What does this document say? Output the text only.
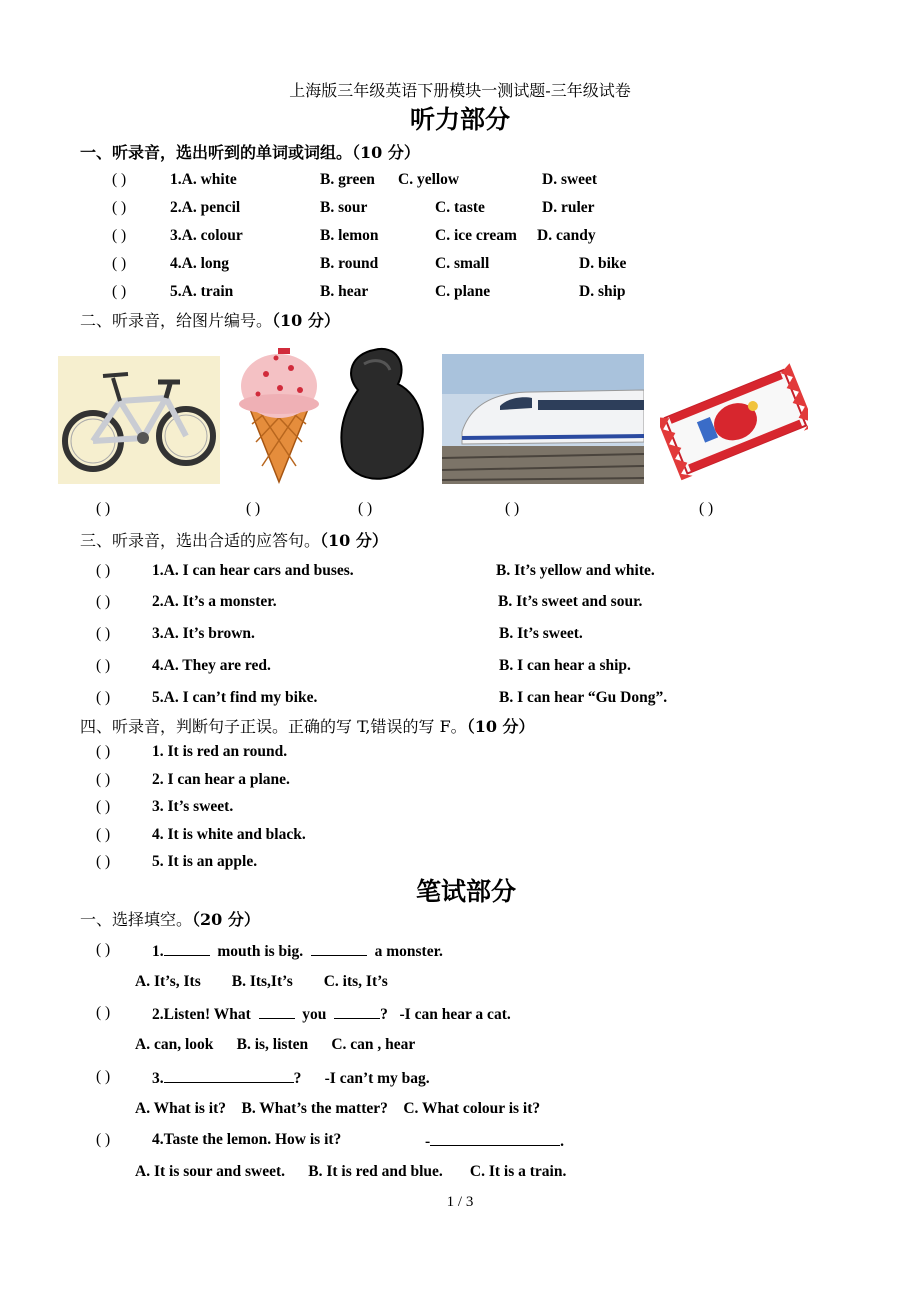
上海版三年级英语下册模块一测试题-三年级试卷
听力部分
一、听录音，选出听到的单词或词组。（10 分）
( )	1.A. white	B. green C. yellow	D. sweet
( )	2.A. pencil	B. sour	C. taste	D. ruler
( )	3.A. colour	B. lemon	C. ice cream D. candy
( )	4.A. long	B. round	C. small	D. bike
( )	5.A. train	B. hear	C. plane	D. ship
二、听录音，给图片编号。（10 分）
( )	( )	( )	( )	( )
三、听录音，选出合适的应答句。（10 分）
( )	1.A. I can hear cars and buses.	B. It’s yellow and white.
( )	2.A. It’s a monster.	B. It’s sweet and sour.
( )	3.A. It’s brown.	B. It’s sweet.
( )	4.A. They are red.	B. I can hear a ship.
( )	5.A. I can’t find my bike.	B. I can hear “Gu Dong”.
四、听录音，判断句子正误。正确的写 T,错误的写 F。（10 分）
( )	1. It is red an round.
( )	2. I can hear a plane.
( )	3. It’s sweet.
( )	4. It is white and black.
( )	5. It is an apple.
笔试部分
一、选择填空。（20 分）
( )	1.	mouth is big.	a monster.
A. It’s, Its        B. Its,It’s        C. its, It’s
( )	2.Listen! What	you	? -I can hear a cat.
A. can, look      B. is, listen      C. can , hear
( )	3.	? -I can’t my bag.
A. What is it?    B. What’s the matter?    C. What colour is it?
( )	4.Taste the lemon. How is it?	-	.
A. It is sour and sweet.      B. It is red and blue.       C. It is a train.
1 / 3
